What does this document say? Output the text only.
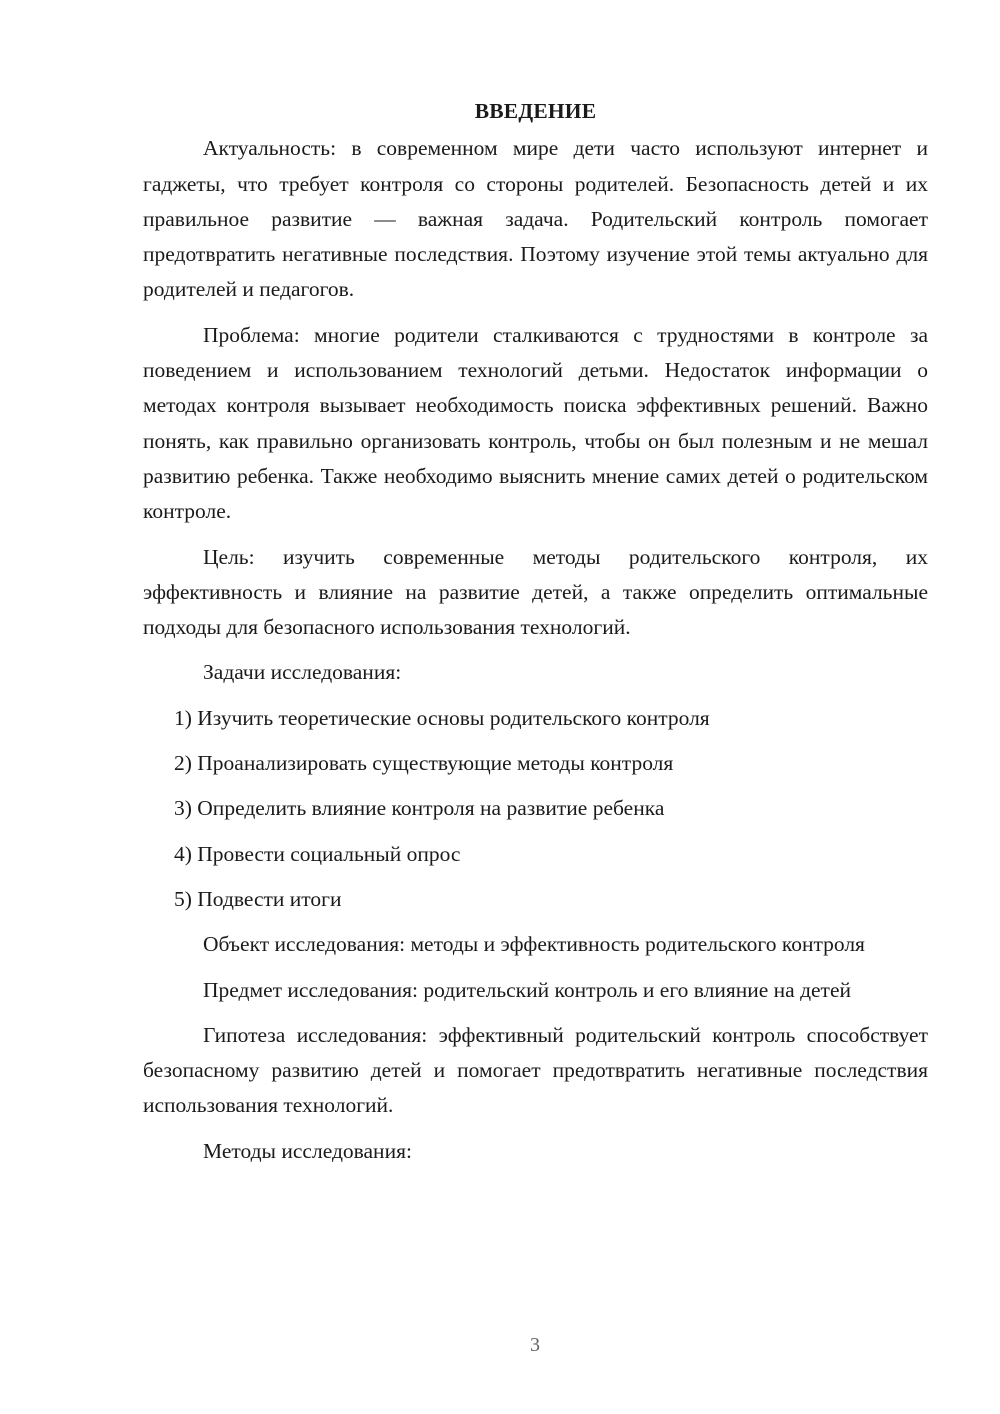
ВВЕДЕНИЕ

Актуальность: в современном мире дети часто используют интернет и гаджеты, что требует контроля со стороны родителей. Безопасность детей и их правильное развитие — важная задача. Родительский контроль помогает предотвратить негативные последствия. Поэтому изучение этой темы актуально для родителей и педагогов.

Проблема: многие родители сталкиваются с трудностями в контроле за поведением и использованием технологий детьми. Недостаток информации о методах контроля вызывает необходимость поиска эффективных решений. Важно понять, как правильно организовать контроль, чтобы он был полезным и не мешал развитию ребенка. Также необходимо выяснить мнение самих детей о родительском контроле.

Цель: изучить современные методы родительского контроля, их эффективность и влияние на развитие детей, а также определить оптимальные подходы для безопасного использования технологий.

Задачи исследования:
1) Изучить теоретические основы родительского контроля
2) Проанализировать существующие методы контроля
3) Определить влияние контроля на развитие ребенка
4) Провести социальный опрос
5) Подвести итоги

Объект исследования: методы и эффективность родительского контроля

Предмет исследования: родительский контроль и его влияние на детей

Гипотеза исследования: эффективный родительский контроль способствует безопасному развитию детей и помогает предотвратить негативные последствия использования технологий.

Методы исследования:
3
